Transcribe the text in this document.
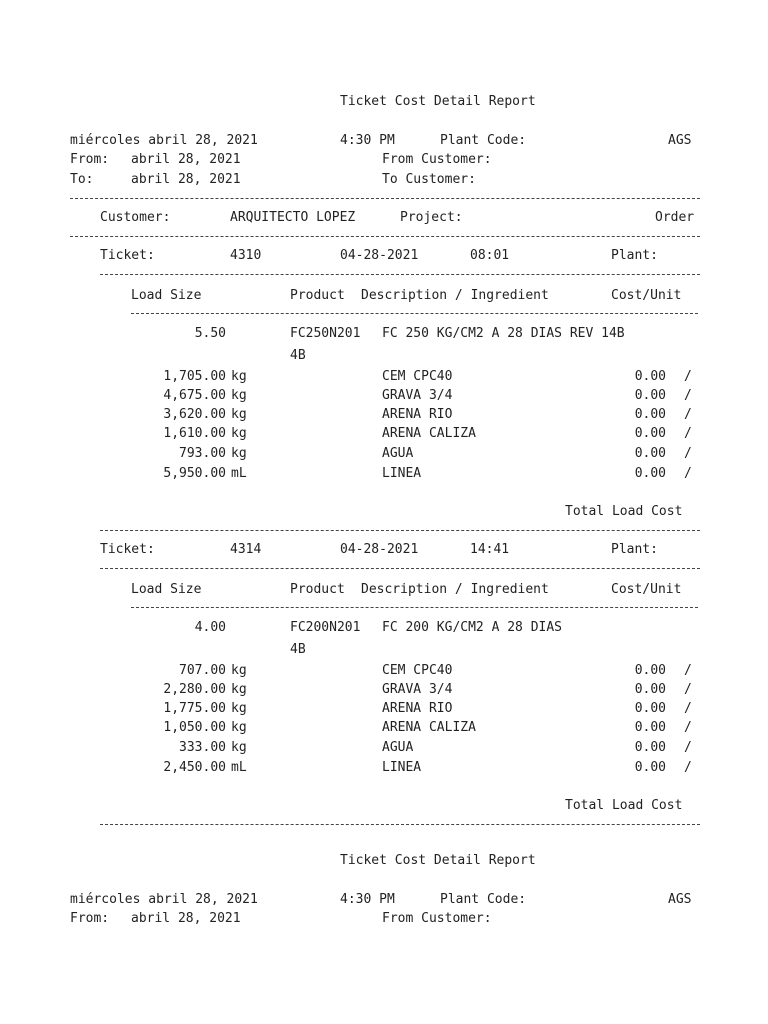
Ticket Cost Detail Report
miércoles abril 28, 2021	4:30 PM	Plant Code:	AGS
From: abril 28, 2021	From Customer:
To:	abril 28, 2021	To Customer:
Customer:	ARQUITECTO LOPEZ	Project:	Order
Ticket:	4310	04-28-2021	08:01	Plant:
Load Size	Product Description / Ingredient	Cost/Unit
5.50	FC250N201 FC 250 KG/CM2 A 28 DIAS REV 14B
4B
1,705.00 kg	CEM CPC40	0.00 /
4,675.00 kg	GRAVA 3/4	0.00 /
3,620.00 kg	ARENA RIO	0.00 /
1,610.00 kg	ARENA CALIZA	0.00 /
793.00 kg	AGUA	0.00 /
5,950.00 mL	LINEA	0.00 /
Total Load Cost
Ticket:	4314	04-28-2021	14:41	Plant:
Load Size	Product Description / Ingredient	Cost/Unit
4.00	FC200N201 FC 200 KG/CM2 A 28 DIAS
4B
707.00 kg	CEM CPC40	0.00 /
2,280.00 kg	GRAVA 3/4	0.00 /
1,775.00 kg	ARENA RIO	0.00 /
1,050.00 kg	ARENA CALIZA	0.00 /
333.00 kg	AGUA	0.00 /
2,450.00 mL	LINEA	0.00 /
Total Load Cost
Ticket Cost Detail Report
miércoles abril 28, 2021	4:30 PM	Plant Code:	AGS
From: abril 28, 2021	From Customer:
